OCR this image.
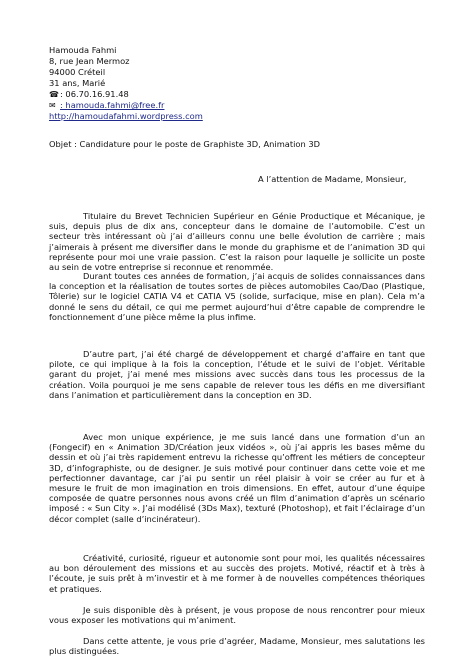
Hamouda Fahmi
8, rue Jean Mermoz
94000 Créteil
31 ans, Marié
☎: 06.70.16.91.48
✉ : hamouda.fahmi@free.fr
http://hamoudafahmi.wordpress.com
Objet : Candidature pour le poste de Graphiste 3D, Animation 3D
A l’attention de Madame, Monsieur,
Titulaire du Brevet Technicien Supérieur en Génie Productique et Mécanique, je suis, depuis plus de dix ans, concepteur dans le domaine de l’automobile. C’est un secteur très intéressant où j’ai d’ailleurs connu une belle évolution de carrière ; mais j’aimerais à présent me diversifier dans le monde du graphisme et de l’animation 3D qui représente pour moi une vraie passion. C’est la raison pour laquelle je sollicite un poste au sein de votre entreprise si reconnue et renommée.
Durant toutes ces années de formation, j’ai acquis de solides connaissances dans la conception et la réalisation de toutes sortes de pièces automobiles Cao/Dao (Plastique, Tôlerie) sur le logiciel CATIA V4 et CATIA V5 (solide, surfacique, mise en plan). Cela m’a donné le sens du détail, ce qui me permet aujourd’hui d’être capable de comprendre le fonctionnement d’une pièce même la plus infime.
D’autre part, j’ai été chargé de développement et chargé d’affaire en tant que pilote, ce qui implique à la fois la conception, l’étude et le suivi de l’objet. Véritable garant du projet, j’ai mené mes missions avec succès dans tous les processus de la création. Voila pourquoi je me sens capable de relever tous les défis en me diversifiant dans l’animation et particulièrement dans la conception en 3D.
Avec mon unique expérience, je me suis lancé dans une formation d’un an (Fongecif) en « Animation 3D/Création jeux vidéos », où j’ai appris les bases même du dessin et où j’ai très rapidement entrevu la richesse qu’offrent les métiers de concepteur 3D, d’infographiste, ou de designer. Je suis motivé pour continuer dans cette voie et me perfectionner davantage, car j’ai pu sentir un réel plaisir à voir se créer au fur et à mesure le fruit de mon imagination en trois dimensions. En effet, autour d’une équipe composée de quatre personnes nous avons créé un film d’animation d’après un scénario imposé : « Sun City ». J’ai modélisé (3Ds Max), texturé (Photoshop), et fait l’éclairage d’un décor complet (salle d’incinérateur).
Créativité, curiosité, rigueur et autonomie sont pour moi, les qualités nécessaires au bon déroulement des missions et au succès des projets. Motivé, réactif et à très à l’écoute, je suis prêt à m’investir et à me former à de nouvelles compétences théoriques et pratiques.
Je suis disponible dès à présent, je vous propose de nous rencontrer pour mieux vous exposer les motivations qui m’animent.
Dans cette attente, je vous prie d’agréer, Madame, Monsieur, mes salutations les plus distinguées.
